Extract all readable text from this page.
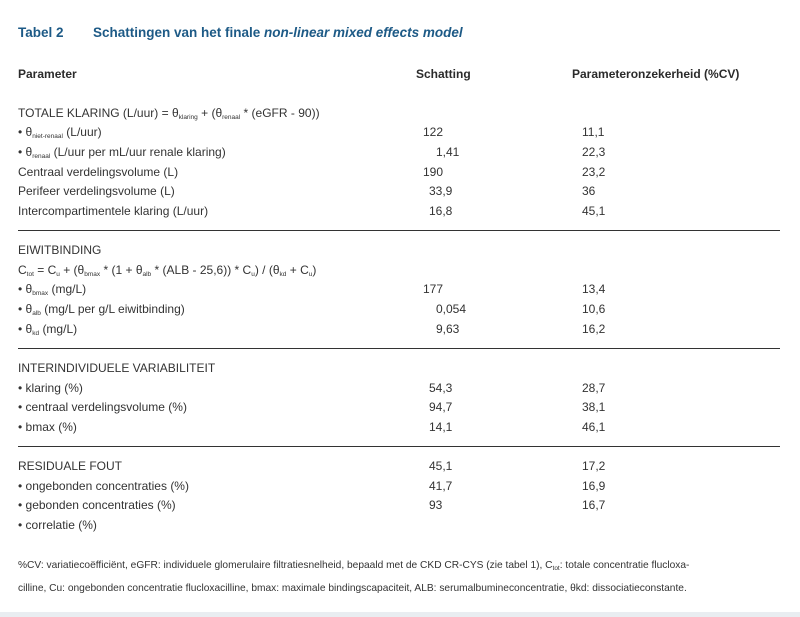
Tabel 2 Schattingen van het finale non-linear mixed effects model
Parameter	Schatting	Parameteronzekerheid (%CV)
TOTALE KLARING $(L/uur) = \theta_{klaring} + (\theta_{renaal}$ * (eGFR - 90))
• $\theta_{niet-renaal}$ (L/uur)	122	11,1
• $\theta_{renaal}$ (L/uur per mL/uur renale klaring)	1,41	22,3
Centraal verdelingsvolume (L)	190	23,2
Perifeer verdelingsvolume (L)	33,9	36
Intercompartimentele klaring (L/uur)	16,8	45,1
EIWITBINDING
$C_{tot} = C_u + (\theta_{bmax} * (1 + \theta_{alb} * (ALB - 25,6)) * C_u) / (\theta_{kd} + C_u)$
• $\theta_{bmax}$ (mg/L)	177	13,4
• $\theta_{alb}$ (mg/L per g/L eiwitbinding)	0,054	10,6
• $\theta_{kd}$ (mg/L)	9,63	16,2
INTERINDIVIDUELE VARIABILITEIT
• klaring (%)	54,3	28,7
• centraal verdelingsvolume (%)	94,7	38,1
• bmax (%)	14,1	46,1
RESIDUALE FOUT	45,1	17,2
• ongebonden concentraties (%)	41,7	16,9
• gebonden concentraties (%)	93	16,7
• correlatie (%)
%CV: variatiecoëfficiënt, eGFR: individuele glomerulaire filtratiesnelheid, bepaald met de CKD CR-CYS (zie tabel 1), $C_{tot}$: totale concentratie flucloxa-
cilline, Cu: ongebonden concentratie flucloxacilline, bmax: maximale bindingscapaciteit, ALB: serumalbumineconcentratie, θkd: dissociatieconstante.
